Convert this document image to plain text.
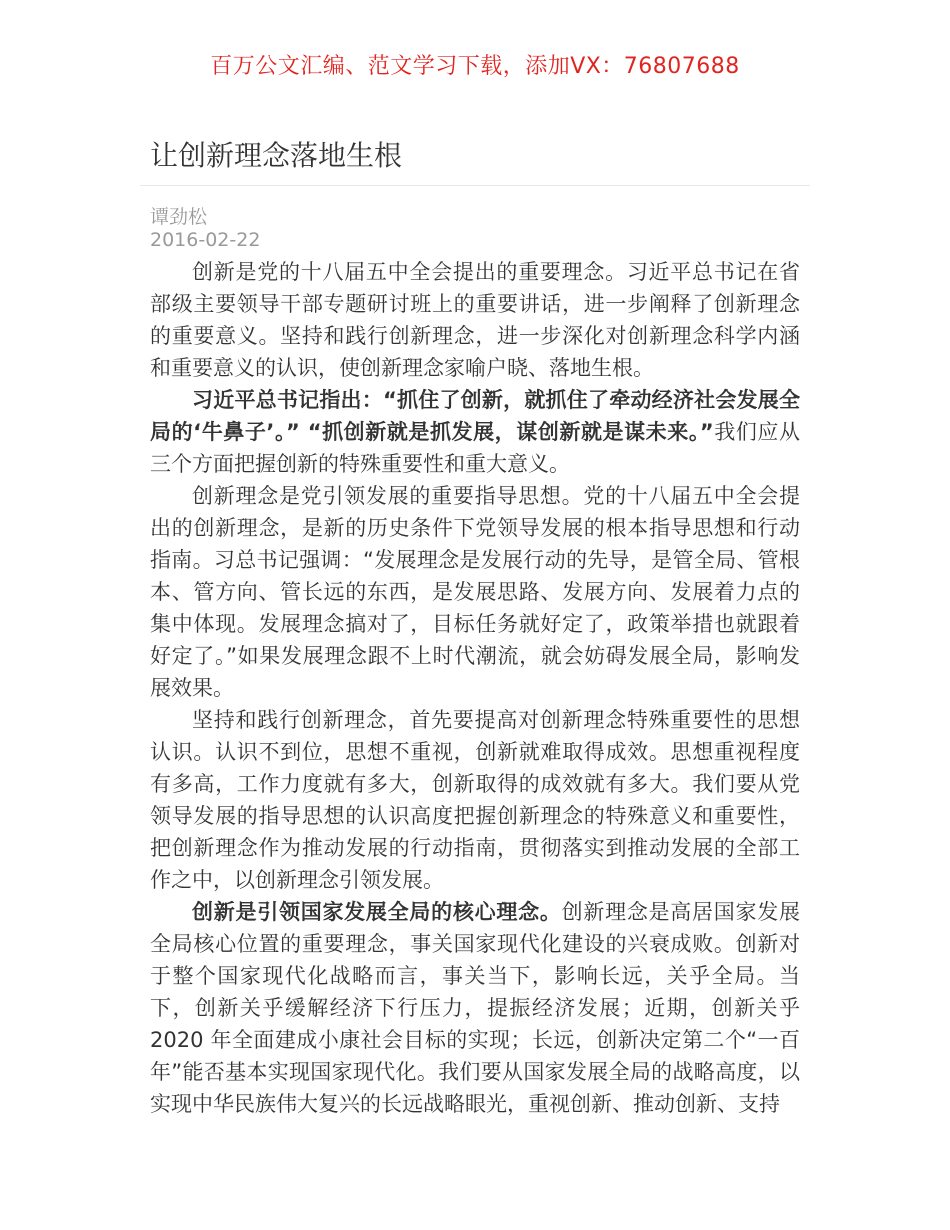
百万公文汇编、范文学习下载，添加VX：76807688
让创新理念落地生根
谭劲松
2016-02-22

创新是党的十八届五中全会提出的重要理念。习近平总书记在省部级主要领导干部专题研讨班上的重要讲话，进一步阐释了创新理念的重要意义。坚持和践行创新理念，进一步深化对创新理念科学内涵和重要意义的认识，使创新理念家喻户晓、落地生根。

习近平总书记指出：“抓住了创新，就抓住了牵动经济社会发展全局的‘牛鼻子’。” “抓创新就是抓发展，谋创新就是谋未来。”我们应从三个方面把握创新的特殊重要性和重大意义。

创新理念是党引领发展的重要指导思想。党的十八届五中全会提出的创新理念，是新的历史条件下党领导发展的根本指导思想和行动指南。习总书记强调：“发展理念是发展行动的先导，是管全局、管根本、管方向、管长远的东西，是发展思路、发展方向、发展着力点的集中体现。发展理念搞对了，目标任务就好定了，政策举措也就跟着好定了。”如果发展理念跟不上时代潮流，就会妨碍发展全局，影响发展效果。

坚持和践行创新理念，首先要提高对创新理念特殊重要性的思想认识。认识不到位，思想不重视，创新就难取得成效。思想重视程度有多高，工作力度就有多大，创新取得的成效就有多大。我们要从党领导发展的指导思想的认识高度把握创新理念的特殊意义和重要性，把创新理念作为推动发展的行动指南，贯彻落实到推动发展的全部工作之中，以创新理念引领发展。

创新是引领国家发展全局的核心理念。创新理念是高居国家发展全局核心位置的重要理念，事关国家现代化建设的兴衰成败。创新对于整个国家现代化战略而言，事关当下，影响长远，关乎全局。当下，创新关乎缓解经济下行压力，提振经济发展；近期，创新关乎2020 年全面建成小康社会目标的实现；长远，创新决定第二个“一百年”能否基本实现国家现代化。我们要从国家发展全局的战略高度，以实现中华民族伟大复兴的长远战略眼光，重视创新、推动创新、支持
